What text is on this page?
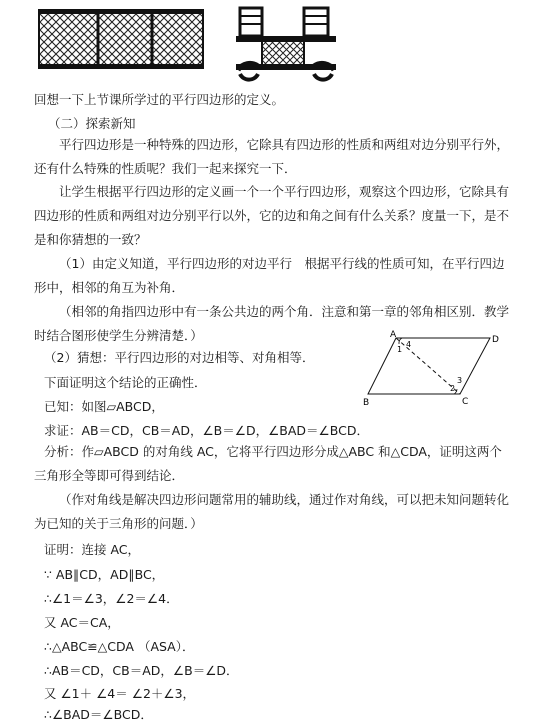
回想一下上节课所学过的平行四边形的定义。
（二）探索新知
平行四边形是一种特殊的四边形，它除具有四边形的性质和两组对边分别平行外，还有什么特殊的性质呢？我们一起来探究一下．
让学生根据平行四边形的定义画一个一个平行四边形，观察这个四边形，它除具有四边形的性质和两组对边分别平行以外，它的边和角之间有什么关系？度量一下，是不是和你猜想的一致？
（1）由定义知道，平行四边形的对边平行　根据平行线的性质可知，在平行四边形中，相邻的角互为补角．
（相邻的角指四边形中有一条公共边的两个角．注意和第一章的邻角相区别．教学时结合图形使学生分辨清楚．）
（2）猜想：平行四边形的对边相等、对角相等．
下面证明这个结论的正确性．
已知：如图▱ABCD，
求证：AB＝CD，CB＝AD，∠B＝∠D，∠BAD＝∠BCD．
分析：作▱ABCD 的对角线 AC，它将平行四边形分成△ABC 和△CDA，证明这两个三角形全等即可得到结论．
（作对角线是解决四边形问题常用的辅助线，通过作对角线，可以把未知问题转化为已知的关于三角形的问题．）
证明：连接 AC，
∵ AB∥CD，AD∥BC，
∴∠1＝∠3，∠2＝∠4．
又 AC＝CA，
∴△ABC≌△CDA （ASA）．
∴AB＝CD，CB＝AD，∠B＝∠D．
又 ∠1＋ ∠4＝ ∠2＋∠3，
∴∠BAD＝∠BCD．
A
B	C
D
1
2
3
4
